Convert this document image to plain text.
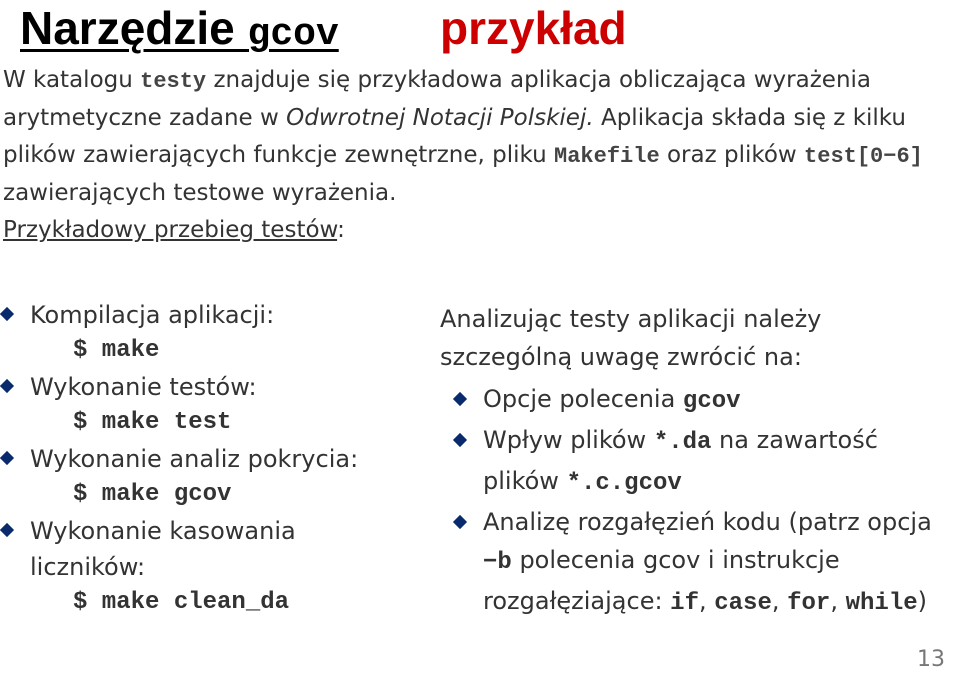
Narzędzie gcov przykład
W katalogu testy znajduje się przykładowa aplikacja obliczająca wyrażenia arytmetyczne zadane w Odwrotnej Notacji Polskiej. Aplikacja składa się z kilku plików zawierających funkcje zewnętrzne, pliku Makefile oraz plików test[0−6] zawierających testowe wyrażenia.
Przykładowy przebieg testów:
Kompilacja aplikacji:
$ make
Wykonanie testów:
$ make test
Wykonanie analiz pokrycia:
$ make gcov
Wykonanie kasowania liczników:
$ make clean_da
Analizując testy aplikacji należy szczególną uwagę zwrócić na:
Opcje polecenia gcov
Wpływ plików *.da na zawartość plików *.c.gcov
Analizę rozgałęzień kodu (patrz opcja −b polecenia gcov i instrukcje rozgałęziające: if, case, for, while)
13
